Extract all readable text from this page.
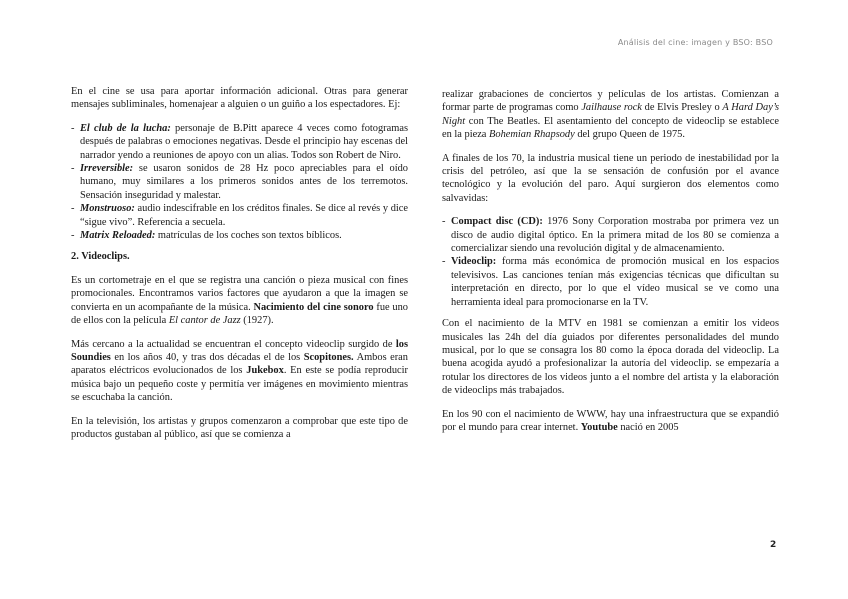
Análisis del cine: imagen y BSO: BSO

En el cine se usa para aportar información adicional. Otras para generar mensajes subliminales, homenajear a alguien o un guiño a los espectadores. Ej:

- El club de la lucha: personaje de B.Pitt aparece 4 veces como fotogramas después de palabras o emociones negativas. Desde el principio hay escenas del narrador yendo a reuniones de apoyo con un alias. Todos son Robert de Niro.
- Irreversible: se usaron sonidos de 28 Hz poco apreciables para el oído humano, muy similares a los primeros sonidos antes de los terremotos. Sensación inseguridad y malestar.
- Monstruoso: audio indescifrable en los créditos finales. Se dice al revés y dice “sigue vivo”. Referencia a secuela.
- Matrix Reloaded: matrículas de los coches son textos bíblicos.
2. Videoclips.

Es un cortometraje en el que se registra una canción o pieza musical con fines promocionales. Encontramos varios factores que ayudaron a que la imagen se convierta en un acompañante de la música. Nacimiento del cine sonoro fue uno de ellos con la película El cantor de Jazz (1927).

Más cercano a la actualidad se encuentran el concepto videoclip surgido de los Soundies en los años 40, y tras dos décadas el de los Scopitones. Ambos eran aparatos eléctricos evolucionados de los Jukebox. En este se podía reproducir música bajo un pequeño coste y permitía ver imágenes en movimiento mientras se escuchaba la canción.

En la televisión, los artistas y grupos comenzaron a comprobar que este tipo de productos gustaban al público, así que se comienza a

realizar grabaciones de conciertos y películas de los artistas. Comienzan a formar parte de programas como Jailhause rock de Elvis Presley o A Hard Day’s Night con The Beatles. El asentamiento del concepto de videoclip se establece en la pieza Bohemian Rhapsody del grupo Queen de 1975.

A finales de los 70, la industria musical tiene un periodo de inestabilidad por la crisis del petróleo, así que la se sensación de confusión por el avance tecnológico y la evolución del paro. Aquí surgieron dos elementos como salvavidas:

- Compact disc (CD): 1976 Sony Corporation mostraba por primera vez un disco de audio digital óptico. En la primera mitad de los 80 se comienza a comercializar siendo una revolución digital y de almacenamiento.
- Videoclip: forma más económica de promoción musical en los espacios televisivos. Las canciones tenían más exigencias técnicas que dificultan su interpretación en directo, por lo que el vídeo musical se ve como una herramienta ideal para promocionarse en la TV.

Con el nacimiento de la MTV en 1981 se comienzan a emitir los videos musicales las 24h del día guiados por diferentes personalidades del mundo musical, por lo que se consagra los 80 como la época dorada del videoclip. La buena acogida ayudó a profesionalizar la autoría del videoclip. se empezaría a rotular los directores de los videos junto a el nombre del artista y la elaboración de videoclips más trabajados.

En los 90 con el nacimiento de WWW, hay una infraestructura que se expandió por el mundo para crear internet. Youtube nació en 2005

2
